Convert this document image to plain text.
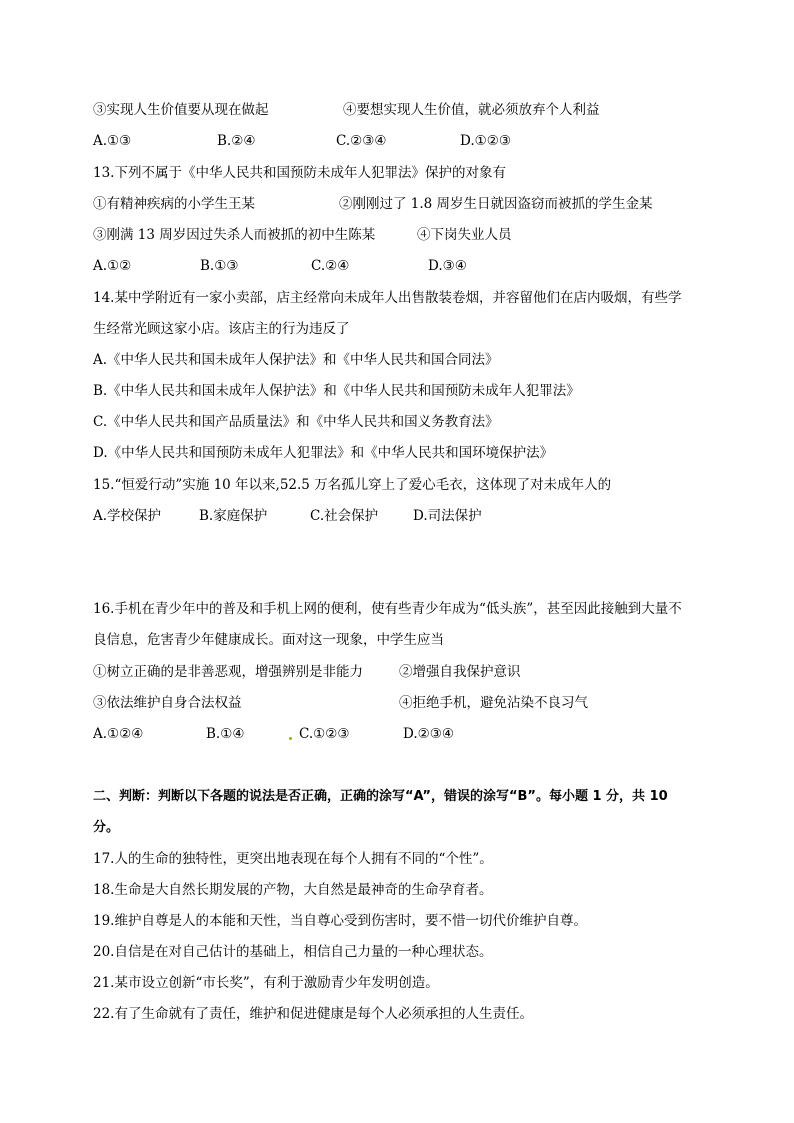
③实现人生价值要从现在做起	④要想实现人生价值，就必须放弃个人利益
A.①③	B.②④	C.②③④	D.①②③
13.下列不属于《中华人民共和国预防未成年人犯罪法》保护的对象有
①有精神疾病的小学生王某	②刚刚过了 1.8 周岁生日就因盗窃而被抓的学生金某
③刚满 13 周岁因过失杀人而被抓的初中生陈某	④下岗失业人员
A.①②	B.①③	C.②④	D.③④
14.某中学附近有一家小卖部，店主经常向未成年人出售散装卷烟，并容留他们在店内吸烟，有些学
生经常光顾这家小店。该店主的行为违反了
A.《中华人民共和国未成年人保护法》和《中华人民共和国合同法》
B.《中华人民共和国未成年人保护法》和《中华人民共和国预防未成年人犯罪法》
C.《中华人民共和国产品质量法》和《中华人民共和国义务教育法》
D.《中华人民共和国预防未成年人犯罪法》和《中华人民共和国环境保护法》
15.“恒爱行动”实施 10 年以来,52.5 万名孤儿穿上了爱心毛衣，这体现了对未成年人的
A.学校保护	B.家庭保护	C.社会保护	D.司法保护
16.手机在青少年中的普及和手机上网的便利，使有些青少年成为“低头族”，甚至因此接触到大量不
良信息，危害青少年健康成长。面对这一现象，中学生应当
①树立正确的是非善恶观，增强辨别是非能力	②增强自我保护意识
③依法维护自身合法权益	④拒绝手机，避免沾染不良习气
A.①②④	B.①④	C.①②③	D.②③④
二、判断：判断以下各题的说法是否正确，正确的涂写“A”，错误的涂写“B”。每小题 1 分，共 10
分。
17.人的生命的独特性，更突出地表现在每个人拥有不同的“个性”。
18.生命是大自然长期发展的产物，大自然是最神奇的生命孕育者。
19.维护自尊是人的本能和天性，当自尊心受到伤害时，要不惜一切代价维护自尊。
20.自信是在对自己估计的基础上，相信自己力量的一种心理状态。
21.某市设立创新“市长奖”，有利于激励青少年发明创造。
22.有了生命就有了责任，维护和促进健康是每个人必须承担的人生责任。
